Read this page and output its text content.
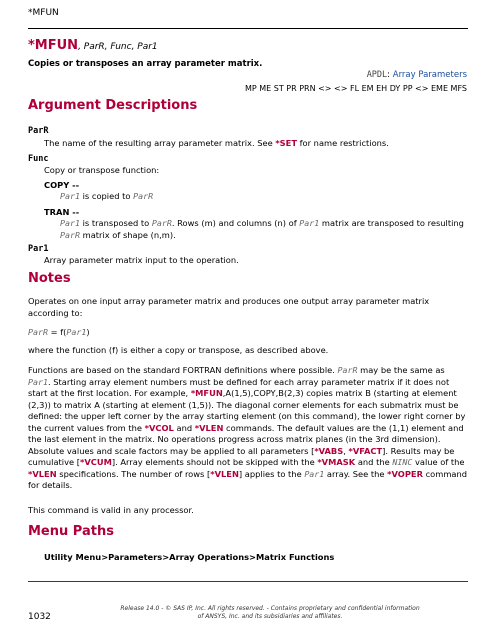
*MFUN
*MFUN, ParR, Func, Par1
Copies or transposes an array parameter matrix.
APDL: Array Parameters
MP ME ST PR PRN <> <> FL EM EH DY PP <> EME MFS
Argument Descriptions
ParR
The name of the resulting array parameter matrix. See *SET for name restrictions.
Func
Copy or transpose function:
COPY --
Par1 is copied to ParR
TRAN --
Par1 is transposed to ParR. Rows (m) and columns (n) of Par1 matrix are transposed to resulting
ParR matrix of shape (n,m).
Par1
Array parameter matrix input to the operation.
Notes
Operates on one input array parameter matrix and produces one output array parameter matrix according to:
ParR = f(Par1)
where the function (f) is either a copy or transpose, as described above.
Functions are based on the standard FORTRAN definitions where possible. ParR may be the same as Par1. Starting array element numbers must be defined for each array parameter matrix if it does not start at the first location. For example, *MFUN,A(1,5),COPY,B(2,3) copies matrix B (starting at element (2,3)) to matrix A (starting at element (1,5)). The diagonal corner elements for each submatrix must be defined: the upper left corner by the array starting element (on this command), the lower right corner by the current values from the *VCOL and *VLEN commands. The default values are the (1,1) element and the last element in the matrix. No operations progress across matrix planes (in the 3rd dimension). Absolute values and scale factors may be applied to all parameters [*VABS, *VFACT]. Results may be cumulative [*VCUM]. Array elements should not be skipped with the *VMASK and the NINC value of the *VLEN specifications. The number of rows [*VLEN] applies to the Par1 array. See the *VOPER command for details.
This command is valid in any processor.
Menu Paths
Utility Menu>Parameters>Array Operations>Matrix Functions
1032
Release 14.0 - © SAS IP, Inc. All rights reserved. - Contains proprietary and confidential information
of ANSYS, Inc. and its subsidiaries and affiliates.
